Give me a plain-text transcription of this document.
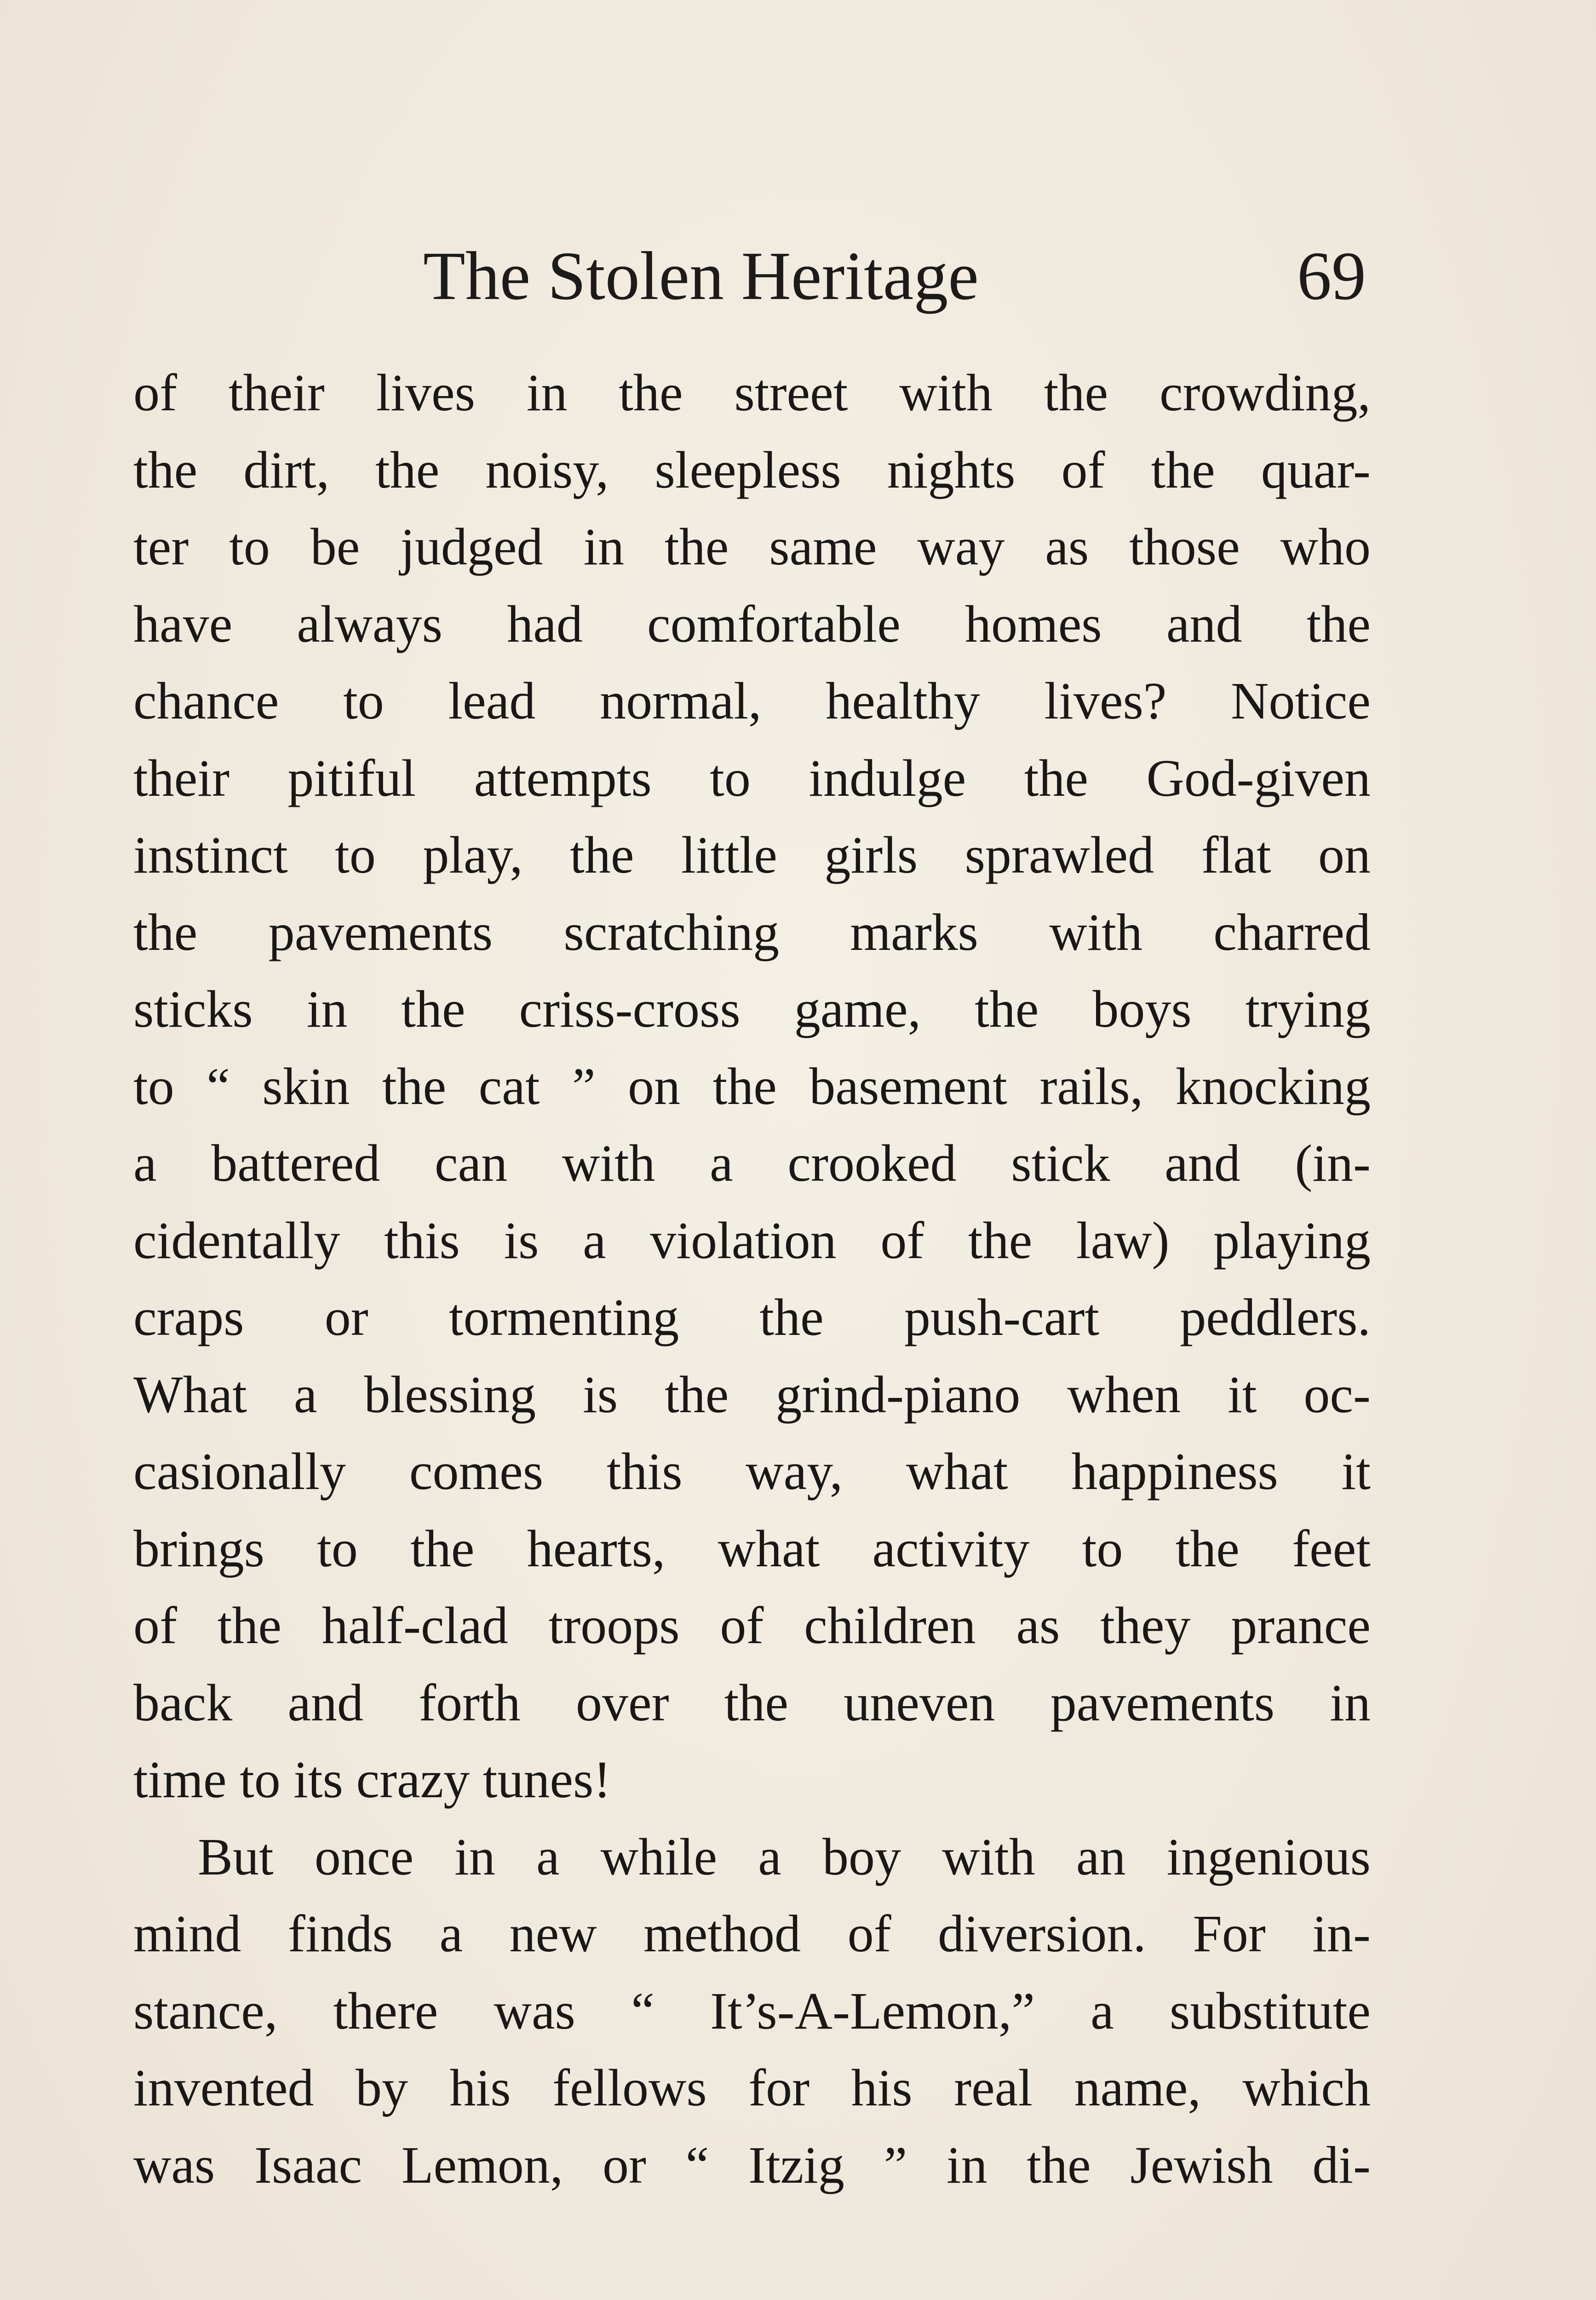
The Stolen Heritage	69
of their lives in the street with the crowding,
the dirt, the noisy, sleepless nights of the quar-
ter to be judged in the same way as those who
have always had comfortable homes and the
chance to lead normal, healthy lives? Notice
their pitiful attempts to indulge the God-given
instinct to play, the little girls sprawled flat on
the pavements scratching marks with charred
sticks in the criss-cross game, the boys trying
to “ skin the cat ” on the basement rails, knocking
a battered can with a crooked stick and (in-
cidentally this is a violation of the law) playing
craps or tormenting the push-cart peddlers.
What a blessing is the grind-piano when it oc-
casionally comes this way, what happiness it
brings to the hearts, what activity to the feet
of the half-clad troops of children as they prance
back and forth over the uneven pavements in
time to its crazy tunes!
But once in a while a boy with an ingenious
mind finds a new method of diversion. For in-
stance, there was “ It’s-A-Lemon,” a substitute
invented by his fellows for his real name, which
was Isaac Lemon, or “ Itzig ” in the Jewish di-
